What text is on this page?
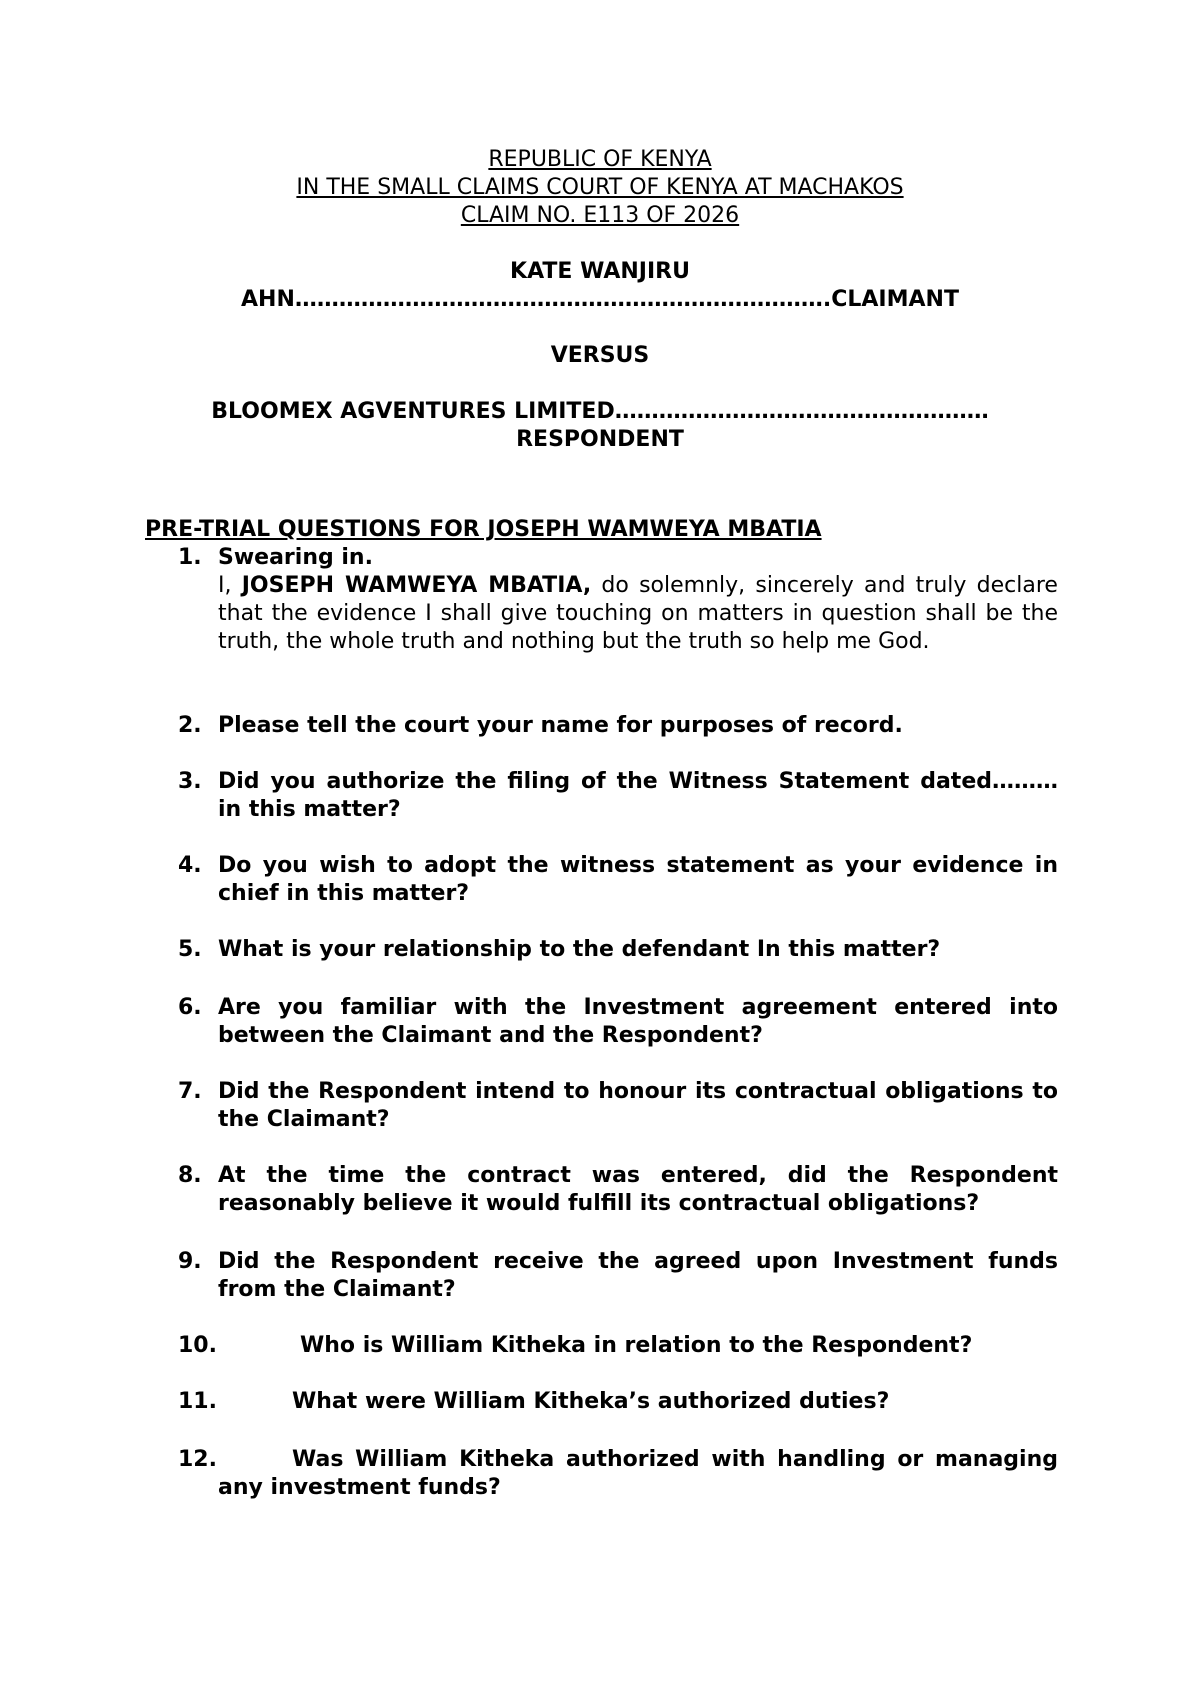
REPUBLIC OF KENYA
IN THE SMALL CLAIMS COURT OF KENYA AT MACHAKOS
CLAIM NO. E113 OF 2026
KATE WANJIRU
AHN……………………………………………………………….CLAIMANT
VERSUS
BLOOMEX AGVENTURES LIMITED……………………………………………
RESPONDENT
PRE-TRIAL QUESTIONS FOR JOSEPH WAMWEYA MBATIA
1. Swearing in.
I, JOSEPH WAMWEYA MBATIA, do solemnly, sincerely and truly declare that the evidence I shall give touching on matters in question shall be the truth, the whole truth and nothing but the truth so help me God.
2. Please tell the court your name for purposes of record.
3. Did you authorize the filing of the Witness Statement dated……… in this matter?
4. Do you wish to adopt the witness statement as your evidence in chief in this matter?
5. What is your relationship to the defendant In this matter?
6. Are you familiar with the Investment agreement entered into between the Claimant and the Respondent?
7. Did the Respondent intend to honour its contractual obligations to the Claimant?
8. At the time the contract was entered, did the Respondent reasonably believe it would fulfill its contractual obligations?
9. Did the Respondent receive the agreed upon Investment funds from the Claimant?
10.	Who is William Kitheka in relation to the Respondent?
11.	What were William Kitheka’s authorized duties?
12.	Was William Kitheka authorized with handling or managing any investment funds?
